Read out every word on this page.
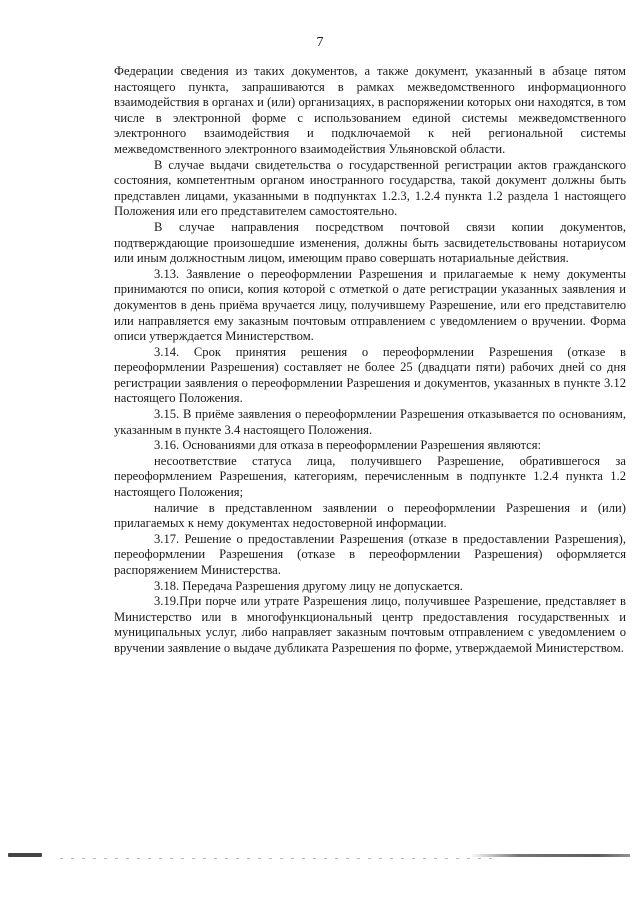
7

Федерации сведения из таких документов, а также документ, указанный в абзаце пятом настоящего пункта, запрашиваются в рамках межведомственного информационного взаимодействия в органах и (или) организациях, в распоряжении которых они находятся, в том числе в электронной форме с использованием единой системы межведомственного электронного взаимодействия и подключаемой к ней региональной системы межведомственного электронного взаимодействия Ульяновской области.

В случае выдачи свидетельства о государственной регистрации актов гражданского состояния, компетентным органом иностранного государства, такой документ должны быть представлен лицами, указанными в подпунктах 1.2.3, 1.2.4 пункта 1.2 раздела 1 настоящего Положения или его представителем самостоятельно.

В случае направления посредством почтовой связи копии документов, подтверждающие произошедшие изменения, должны быть засвидетельствованы нотариусом или иным должностным лицом, имеющим право совершать нотариальные действия.

3.13. Заявление о переоформлении Разрешения и прилагаемые к нему документы принимаются по описи, копия которой с отметкой о дате регистрации указанных заявления и документов в день приёма вручается лицу, получившему Разрешение, или его представителю или направляется ему заказным почтовым отправлением с уведомлением о вручении. Форма описи утверждается Министерством.

3.14. Срок принятия решения о переоформлении Разрешения (отказе в переоформлении Разрешения) составляет не более 25 (двадцати пяти) рабочих дней со дня регистрации заявления о переоформлении Разрешения и документов, указанных в пункте 3.12 настоящего Положения.

3.15. В приёме заявления о переоформлении Разрешения отказывается по основаниям, указанным в пункте 3.4 настоящего Положения.

3.16. Основаниями для отказа в переоформлении Разрешения являются:

несоответствие статуса лица, получившего Разрешение, обратившегося за переоформлением Разрешения, категориям, перечисленным в подпункте 1.2.4 пункта 1.2 настоящего Положения;

наличие в представленном заявлении о переоформлении Разрешения и (или) прилагаемых к нему документах недостоверной информации.

3.17. Решение о предоставлении Разрешения (отказе в предоставлении Разрешения), переоформлении Разрешения (отказе в переоформлении Разрешения) оформляется распоряжением Министерства.

3.18. Передача Разрешения другому лицу не допускается.

3.19.При порче или утрате Разрешения лицо, получившее Разрешение, представляет в Министерство или в многофункциональный центр предоставления государственных и муниципальных услуг, либо направляет заказным почтовым отправлением с уведомлением о вручении заявление о выдаче дубликата Разрешения по форме, утверждаемой Министерством.
